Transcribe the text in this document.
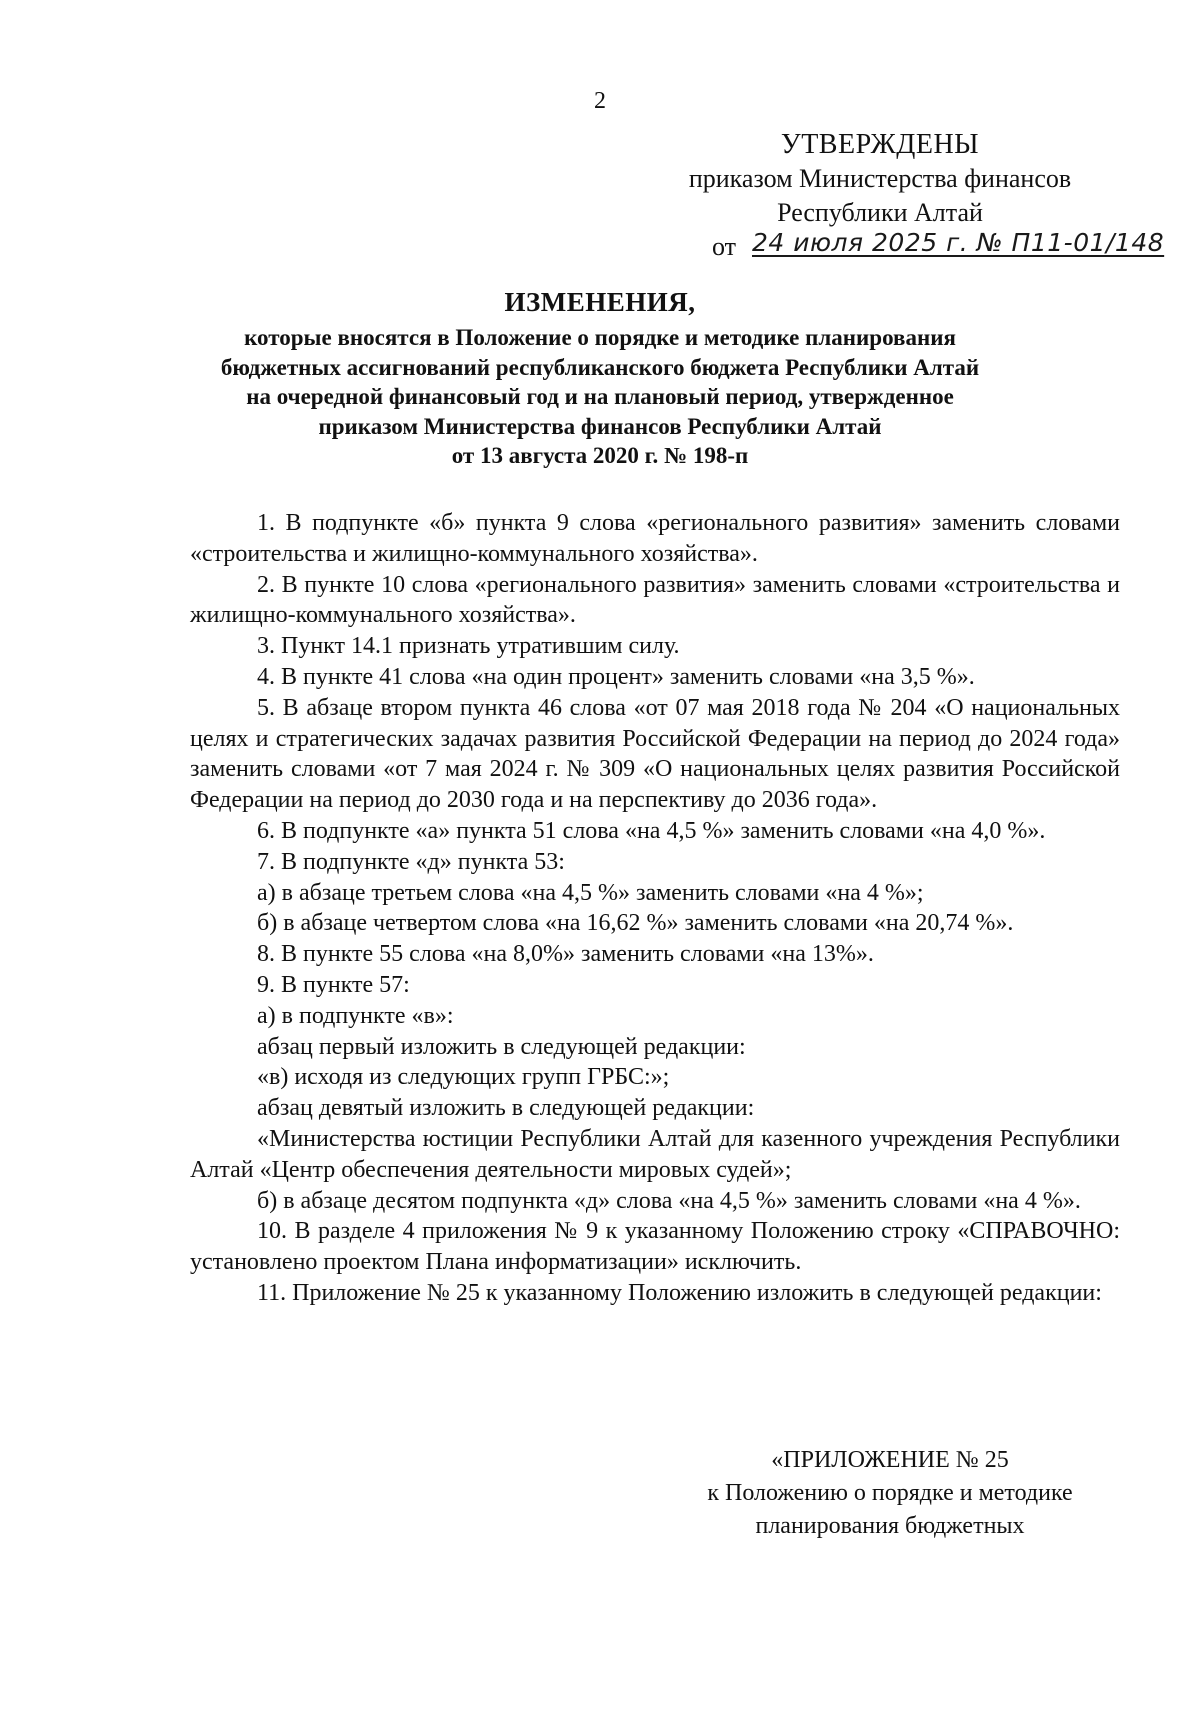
2
УТВЕРЖДЕНЫ
приказом Министерства финансов
Республики Алтай
от 24 июля 2025 г. № П11-01/148
ИЗМЕНЕНИЯ,
которые вносятся в Положение о порядке и методике планирования
бюджетных ассигнований республиканского бюджета Республики Алтай
на очередной финансовый год и на плановый период, утвержденное
приказом Министерства финансов Республики Алтай
от 13 августа 2020 г. № 198-п

1. В подпункте «б» пункта 9 слова «регионального развития» заменить словами «строительства и жилищно-коммунального хозяйства».

2. В пункте 10 слова «регионального развития» заменить словами «строительства и жилищно-коммунального хозяйства».

3. Пункт 14.1 признать утратившим силу.

4. В пункте 41 слова «на один процент» заменить словами «на 3,5 %».

5. В абзаце втором пункта 46 слова «от 07 мая 2018 года № 204 «О национальных целях и стратегических задачах развития Российской Федерации на период до 2024 года» заменить словами «от 7 мая 2024 г. № 309 «О национальных целях развития Российской Федерации на период до 2030 года и на перспективу до 2036 года».

6. В подпункте «а» пункта 51 слова «на 4,5 %» заменить словами «на 4,0 %».

7. В подпункте «д» пункта 53:

а) в абзаце третьем слова «на 4,5 %» заменить словами «на 4 %»;

б) в абзаце четвертом слова «на 16,62 %» заменить словами «на 20,74 %».

8. В пункте 55 слова «на 8,0%» заменить словами «на 13%».

9. В пункте 57:

а) в подпункте «в»:

абзац первый изложить в следующей редакции:

«в) исходя из следующих групп ГРБС:»;

абзац девятый изложить в следующей редакции:

«Министерства юстиции Республики Алтай для казенного учреждения Республики Алтай «Центр обеспечения деятельности мировых судей»;

б) в абзаце десятом подпункта «д» слова «на 4,5 %» заменить словами «на 4 %».

10. В разделе 4 приложения № 9 к указанному Положению строку «СПРАВОЧНО: установлено проектом Плана информатизации» исключить.

11. Приложение № 25 к указанному Положению изложить в следующей редакции:

«ПРИЛОЖЕНИЕ № 25
к Положению о порядке и методике
планирования бюджетных
